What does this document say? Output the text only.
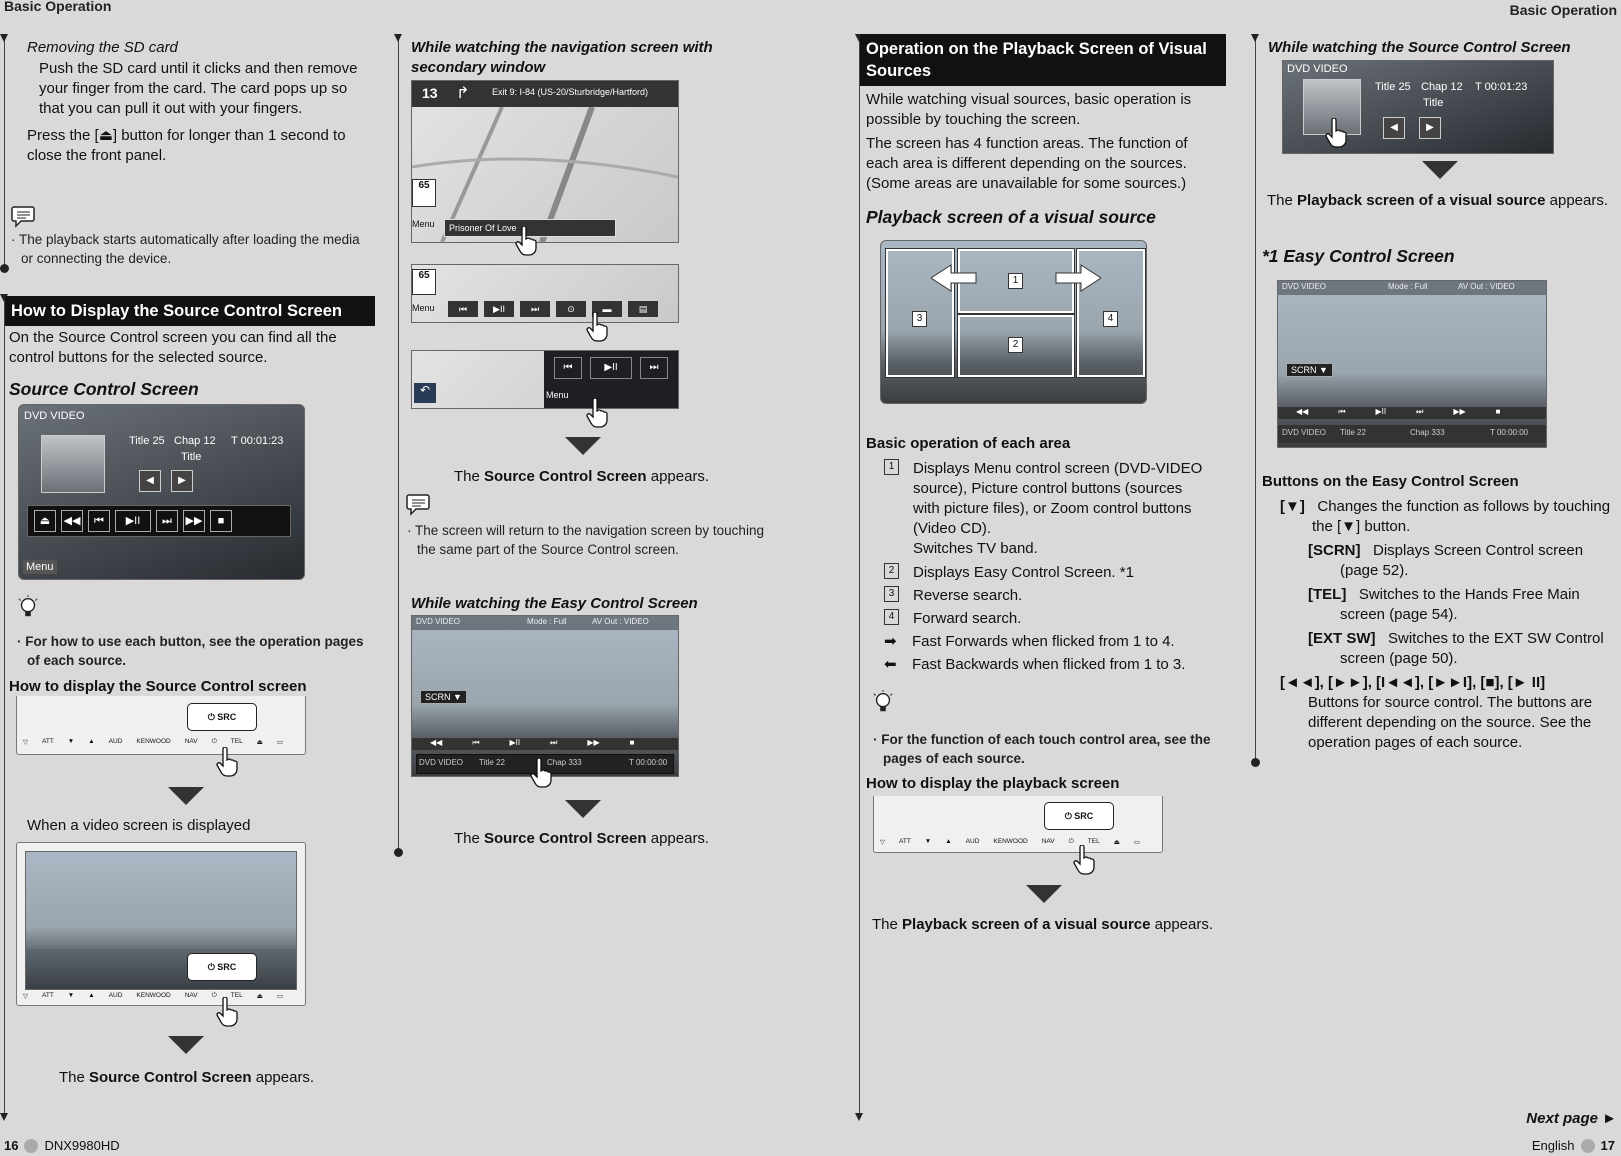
Basic Operation	Basic Operation
16 DNX9980HD	English 17
Next page ►
Removing the SD card
Push the SD card until it clicks and then remove your finger from the card. The card pops up so that you can pull it out with your fingers.
Press the [⏏] button for longer than 1 second to close the front panel.
· The playback starts automatically after loading the media or connecting the device.
How to Display the Source Control Screen
On the Source Control screen you can find all the control buttons for the selected source.
Source Control Screen
DVD VIDEO
Title 25 Chap 12 T 00:01:23
Title
◀	▶
⏏	◀◀	⏮	▶II	⏭	▶▶	■
Menu
· For how to use each button, see the operation pages of each source.
How to display the Source Control screen
⏻ SRC
▽ ATT ▼ ▲ AUD KENWOOD NAV ⏻ TEL ⏏ ▭
When a video screen is displayed
⏻ SRC
▽ ATT ▼ ▲ AUD KENWOOD NAV ⏻ TEL ⏏ ▭
The Source Control Screen appears.
While watching the navigation screen with secondary window
13 ↱	Exit 9: I-84 (US-20/Sturbridge/Hartford)
65
Prisoner Of Love
Menu
65
Menu	⏮	▶II	⏭	⊙	▬	▤
⏮	▶II	⏭
Menu
↶
The Source Control Screen appears.
· The screen will return to the navigation screen by touching the same part of the Source Control screen.
While watching the Easy Control Screen
DVD VIDEO	Mode : Full	AV Out : VIDEO
SCRN ▼
◀◀	⏮	▶II	⏭	▶▶	■
DVD VIDEO Title 22	Chap 333	T 00:00:00
The Source Control Screen appears.
Operation on the Playback Screen of Visual Sources
While watching visual sources, basic operation is possible by touching the screen.
The screen has 4 function areas. The function of each area is different depending on the sources. (Some areas are unavailable for some sources.)
Playback screen of a visual source
3
1
2
4
Basic operation of each area
1	Displays Menu control screen (DVD-VIDEO source), Picture control buttons (sources with picture files), or Zoom control buttons (Video CD).
Switches TV band.
2	Displays Easy Control Screen. *1
3	Reverse search.
4	Forward search.
➡ Fast Forwards when flicked from 1 to 4.
⬅ Fast Backwards when flicked from 1 to 3.
· For the function of each touch control area, see the pages of each source.
How to display the playback screen
⏻ SRC
▽ ATT ▼ ▲ AUD KENWOOD NAV ⏻ TEL ⏏ ▭
The Playback screen of a visual source appears.
While watching the Source Control Screen
DVD VIDEO
Title 25 Chap 12 T 00:01:23
Title
◀	▶
The Playback screen of a visual source appears.
*1 Easy Control Screen
DVD VIDEO	Mode : Full	AV Out : VIDEO
SCRN ▼
◀◀	⏮	▶II	⏭	▶▶	■
DVD VIDEO Title 22	Chap 333	T 00:00:00
Buttons on the Easy Control Screen
[▼] Changes the function as follows by touching the [▼] button.
[SCRN] Displays Screen Control screen (page 52).
[TEL] Switches to the Hands Free Main screen (page 54).
[EXT SW] Switches to the EXT SW Control screen (page 50).
[◄◄], [►►], [I◄◄], [►►I], [■], [► II]
Buttons for source control. The buttons are different depending on the source. See the operation pages of each source.
